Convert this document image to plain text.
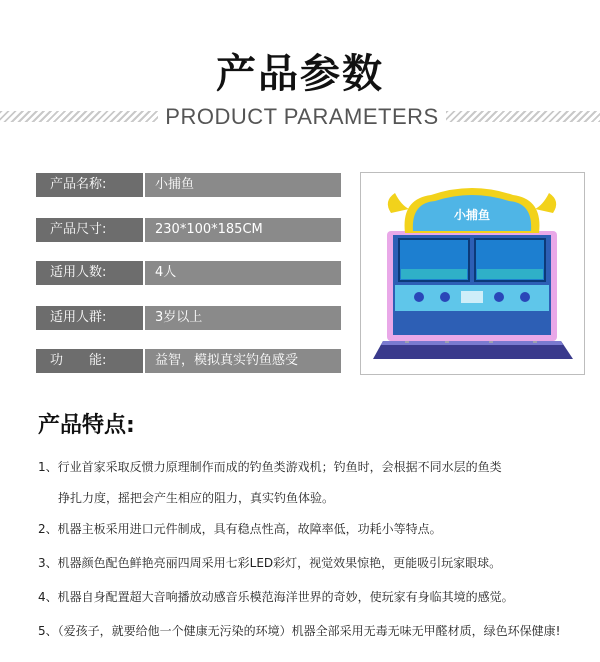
产品参数
PRODUCT PARAMETERS
产品名称:	小捕鱼
产品尺寸:	230*100*185CM
适用人数:	4人
适用人群:	3岁以上
功　　能:	益智，模拟真实钓鱼感受
小捕鱼
产品特点:
1、行业首家采取反惯力原理制作而成的钓鱼类游戏机；钓鱼时，会根据不同水层的鱼类
挣扎力度，摇把会产生相应的阻力，真实钓鱼体验。
2、机器主板采用进口元件制成，具有稳点性高，故障率低，功耗小等特点。
3、机器颜色配色鲜艳亮丽四周采用七彩LED彩灯，视觉效果惊艳，更能吸引玩家眼球。
4、机器自身配置超大音响播放动感音乐模范海洋世界的奇妙，使玩家有身临其境的感觉。
5、（爱孩子，就要给他一个健康无污染的环境）机器全部采用无毒无味无甲醛材质，绿色环保健康!
